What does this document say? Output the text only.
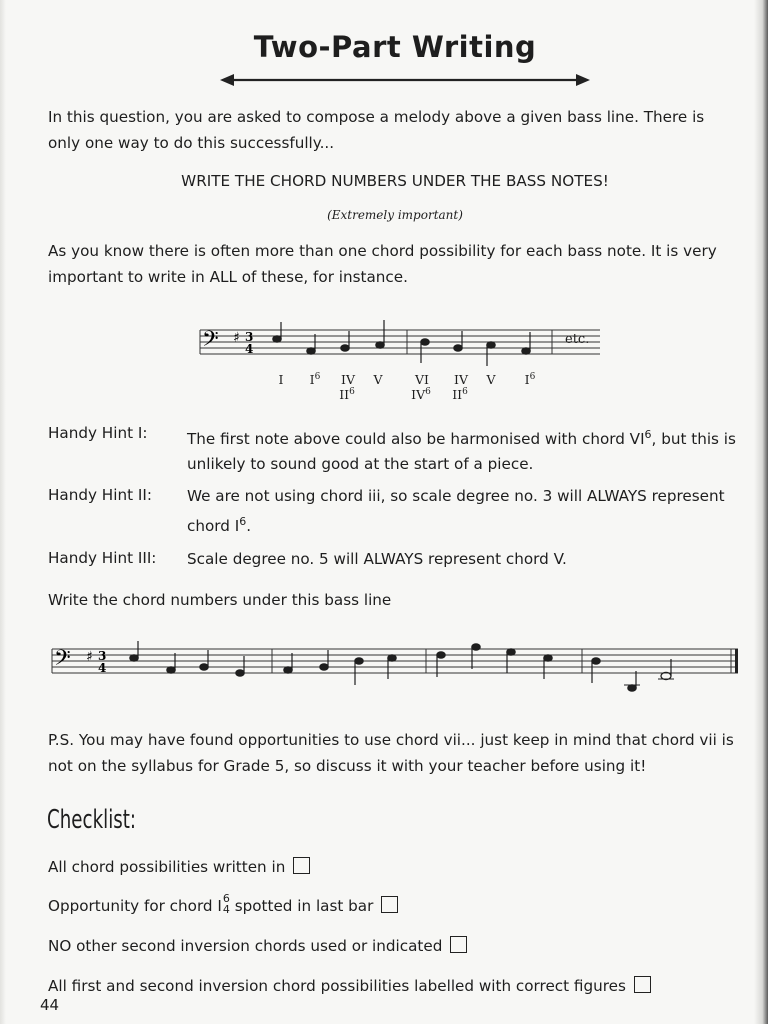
Two-Part Writing
In this question, you are asked to compose a melody above a given bass line. There is only one way to do this successfully...
WRITE THE CHORD NUMBERS UNDER THE BASS NOTES!
(Extremely important)
As you know there is often more than one chord possibility for each bass note. It is very important to write in ALL of these, for instance.
𝄢 ♯ 3
4
etc.
I	$I^6$	IV	V	VI	IV	V	$I^6$
$II^6$	$IV^6$	$II^6$
Handy Hint I:	The first note above could also be harmonised with chord $VI^6$, but this is unlikely to sound good at the start of a piece.
Handy Hint II: We are not using chord iii, so scale degree no. 3 will ALWAYS represent chord $I^6$.
Handy Hint III: Scale degree no. 5 will ALWAYS represent chord V.
Write the chord numbers under this bass line
𝄢 ♯ 3
4
P.S. You may have found opportunities to use chord vii... just keep in mind that chord vii is not on the syllabus for Grade 5, so discuss it with your teacher before using it!
Checklist:
All chord possibilities written in
Opportunity for chord I6
4 spotted in last bar
NO other second inversion chords used or indicated
All first and second inversion chord possibilities labelled with correct figures
44
